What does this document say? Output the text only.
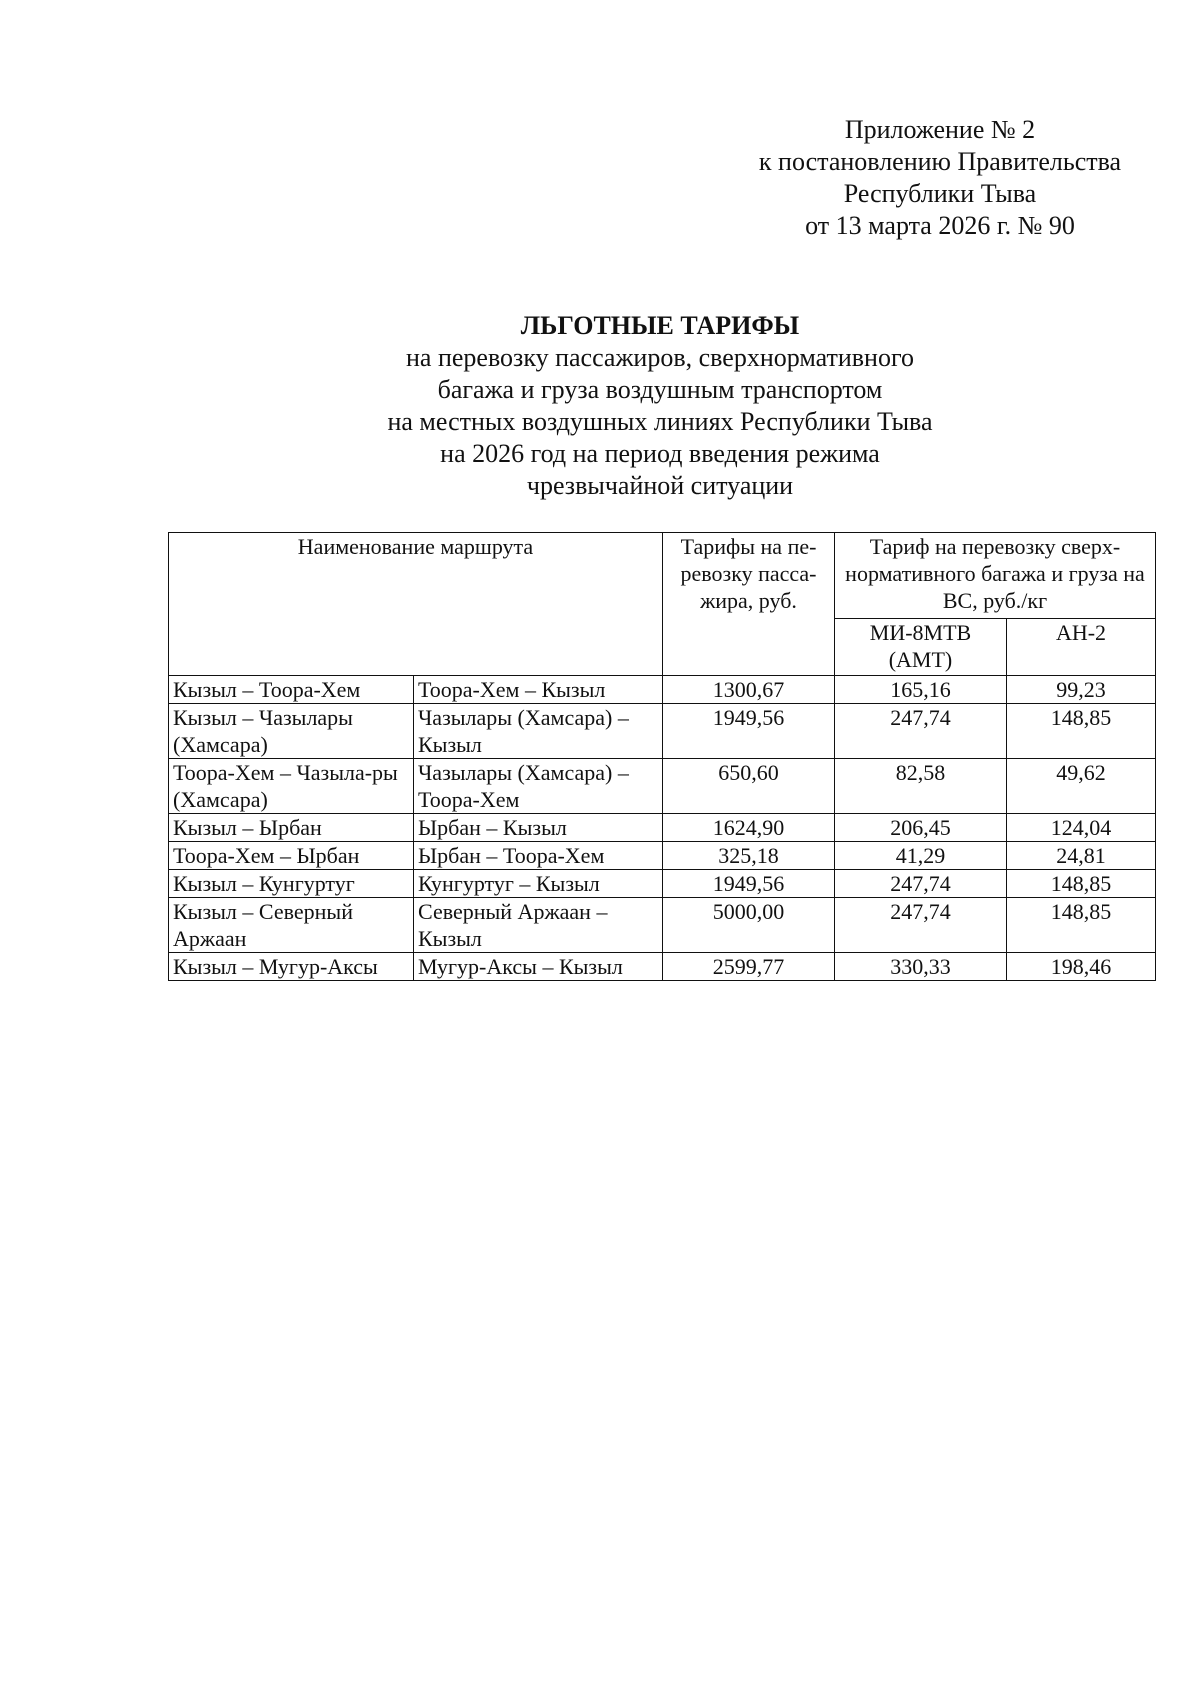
Приложение № 2
к постановлению Правительства
Республики Тыва
от 13 марта 2026 г. № 90
ЛЬГОТНЫЕ ТАРИФЫ
на перевозку пассажиров, сверхнормативного
багажа и груза воздушным транспортом
на местных воздушных линиях Республики Тыва
на 2026 год на период введения режима
чрезвычайной ситуации
Наименование маршрута		Тарифы на пе-ревозку пасса-жира, руб.	Тариф на перевозку сверх-нормативного багажа и груза на ВС, руб./кг	
			МИ-8МТВ (АМТ)	АН-2
Кызыл – Тоора-Хем	Тоора-Хем – Кызыл	1300,67	165,16	99,23
Кызыл – Чазылары (Хамсара)	Чазылары (Хамсара) – Кызыл	1949,56	247,74	148,85
Тоора-Хем – Чазыла-ры (Хамсара)	Чазылары (Хамсара) – Тоора-Хем	650,60	82,58	49,62
Кызыл – Ырбан	Ырбан – Кызыл	1624,90	206,45	124,04
Тоора-Хем – Ырбан	Ырбан – Тоора-Хем	325,18	41,29	24,81
Кызыл – Кунгуртуг	Кунгуртуг – Кызыл	1949,56	247,74	148,85
Кызыл – Северный Аржаан	Северный Аржаан – Кызыл	5000,00	247,74	148,85
Кызыл – Мугур-Аксы	Мугур-Аксы – Кызыл	2599,77	330,33	198,46
